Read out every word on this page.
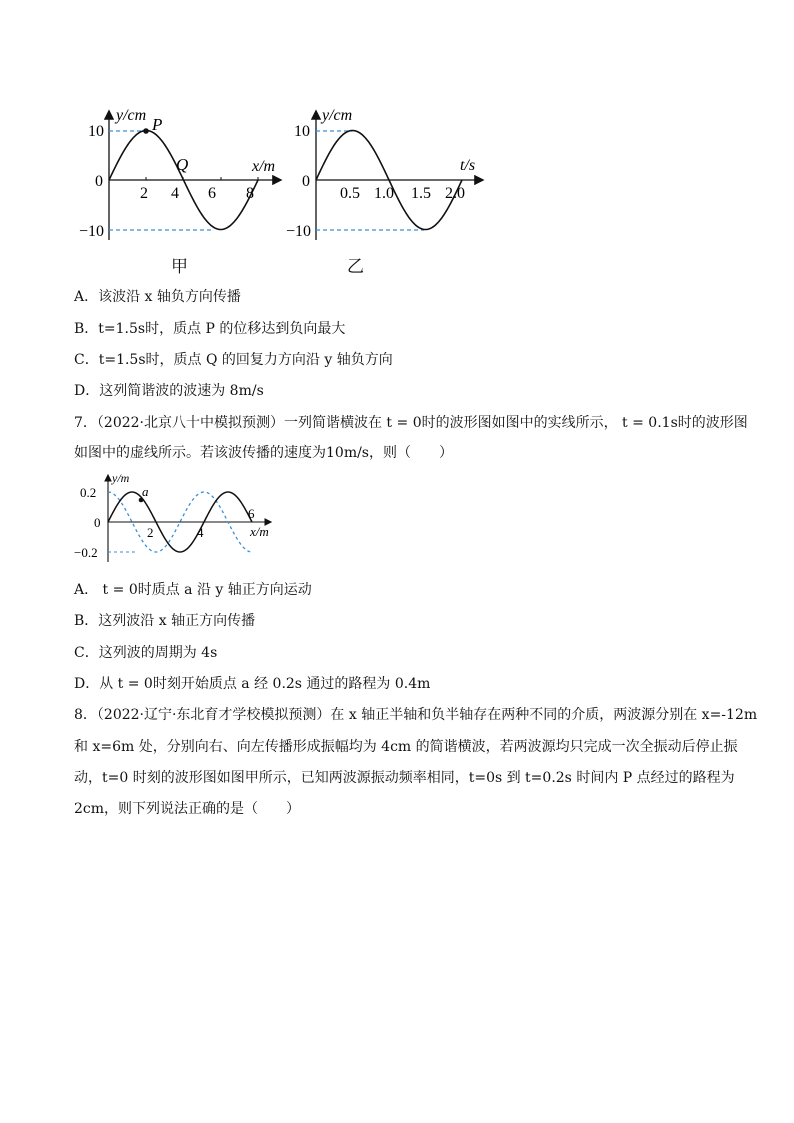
P
Q
y/cm
x/m
10
0
−10
2 4 6 8
甲
y/cm
t/s
10
0
−10
0.5 1.0 1.5 2.0
乙
A．该波沿 x 轴负方向传播
B．t=1.5s时，质点 P 的位移达到负向最大
C．t=1.5s时，质点 Q 的回复力方向沿 y 轴负方向
D．这列简谐波的波速为 8m/s
7．（2022·北京八十中模拟预测）一列简谐横波在 t = 0时的波形图如图中的实线所示， t = 0.1s时的波形图
如图中的虚线所示。若该波传播的速度为10m/s，则（　　）
a
y/m
x/m
0.2
0
−0.2
2	4
6
A． t = 0时质点 a 沿 y 轴正方向运动
B．这列波沿 x 轴正方向传播
C．这列波的周期为 4s
D．从 t = 0时刻开始质点 a 经 0.2s 通过的路程为 0.4m
8．（2022·辽宁·东北育才学校模拟预测）在 x 轴正半轴和负半轴存在两种不同的介质，两波源分别在 x=-12m
和 x=6m 处，分别向右、向左传播形成振幅均为 4cm 的简谐横波，若两波源均只完成一次全振动后停止振
动，t=0 时刻的波形图如图甲所示，已知两波源振动频率相同，t=0s 到 t=0.2s 时间内 P 点经过的路程为
2cm，则下列说法正确的是（　　）
